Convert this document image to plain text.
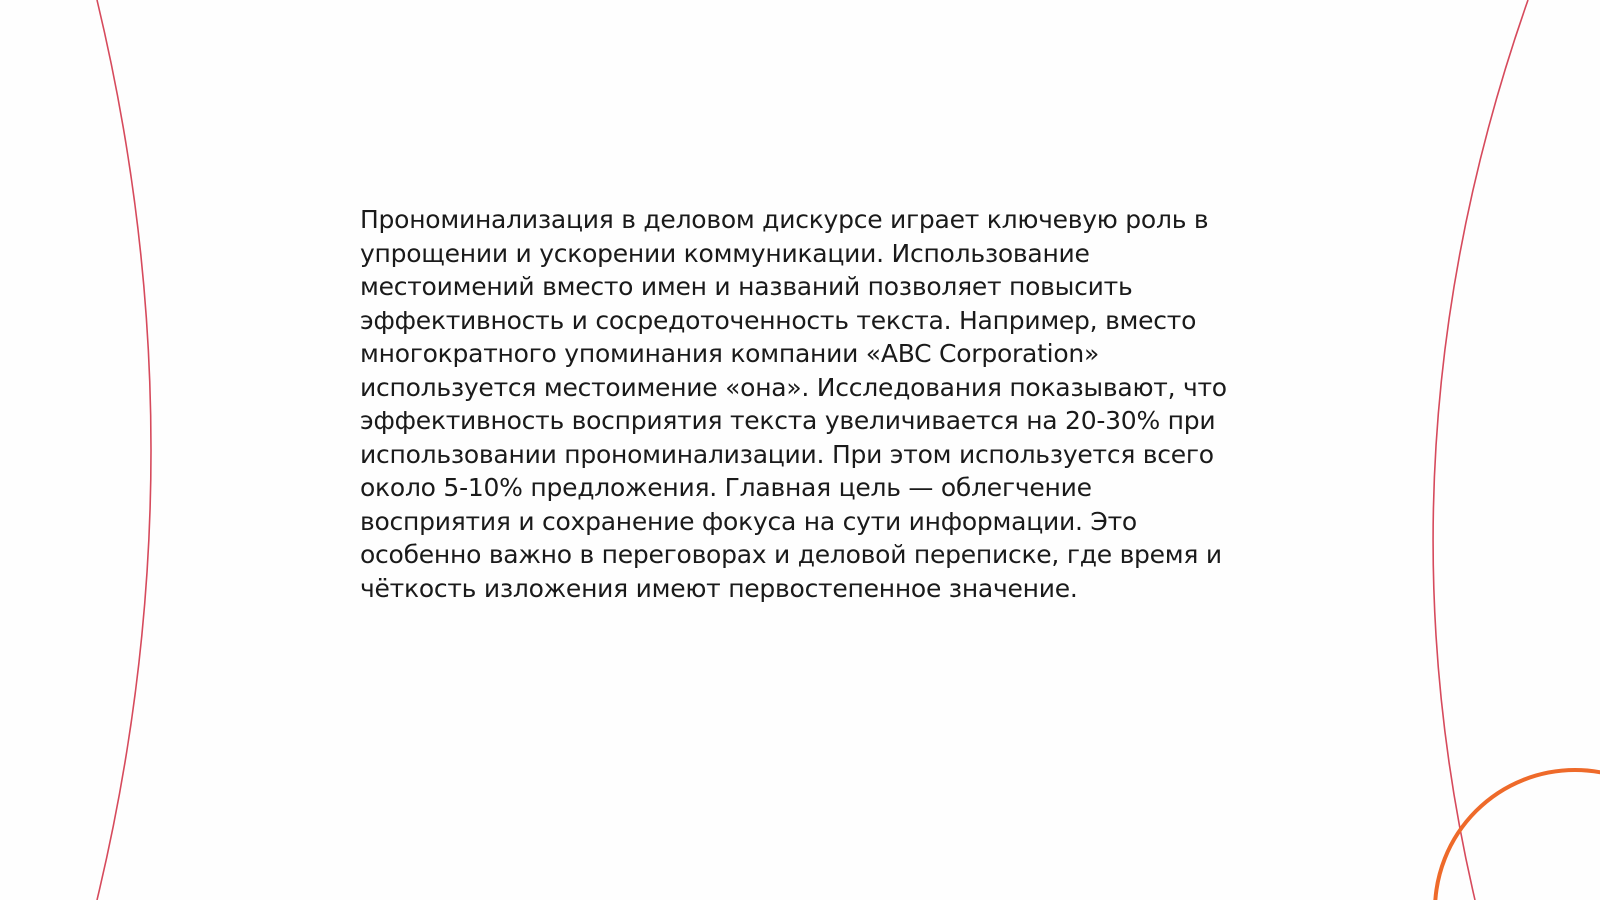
Прономинализация в деловом дискурсе играет ключевую роль в упрощении и ускорении коммуникации. Использование местоимений вместо имен и названий позволяет повысить эффективность и сосредоточенность текста. Например, вместо многократного упоминания компании «ABC Corporation» используется местоимение «она». Исследования показывают, что эффективность восприятия текста увеличивается на 20-30% при использовании прономинализации. При этом используется всего около 5-10% предложения. Главная цель — облегчение восприятия и сохранение фокуса на сути информации. Это особенно важно в переговорах и деловой переписке, где время и чёткость изложения имеют первостепенное значение.
